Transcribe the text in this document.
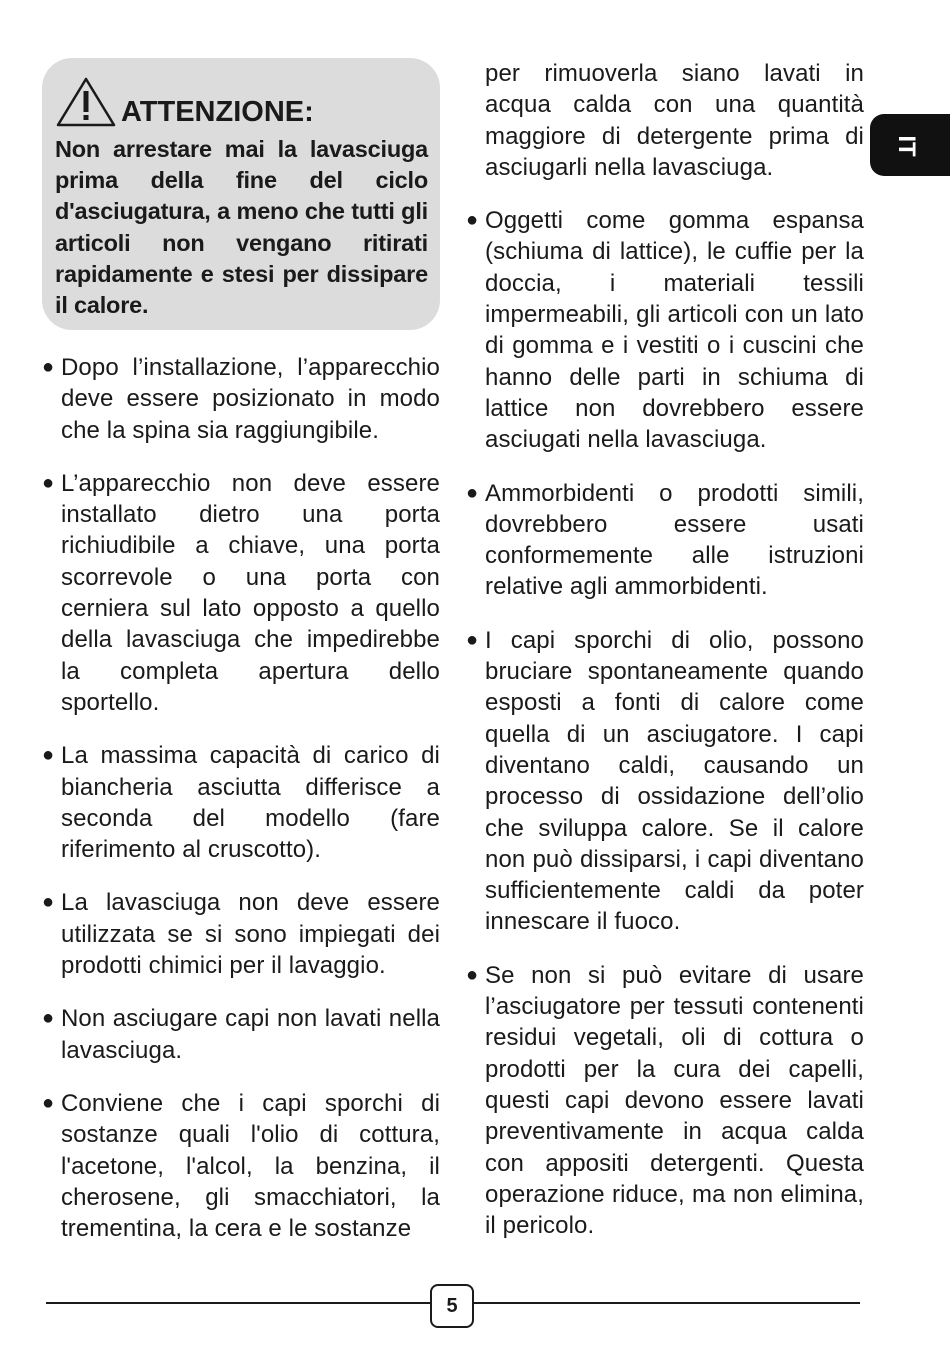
ATTENZIONE:
Non arrestare mai la lavasciuga prima della fine del ciclo d'asciugatura, a meno che tutti gli articoli non vengano ritirati rapidamente e stesi per dissipare il calore.
● Dopo l’installazione, l’apparecchio deve essere posizionato in modo che la spina sia raggiungibile.
● L’apparecchio non deve essere installato dietro una porta richiudibile a chiave, una porta scorrevole o una porta con cerniera sul lato opposto a quello della lavasciuga che impedirebbe la completa apertura dello sportello.
● La massima capacità di carico di biancheria asciutta differisce a seconda del modello (fare riferimento al cruscotto).
● La lavasciuga non deve essere utilizzata se si sono impiegati dei prodotti chimici per il lavaggio.
● Non asciugare capi non lavati nella lavasciuga.
● Conviene che i capi sporchi di sostanze quali l'olio di cottura, l'acetone, l'alcol, la benzina, il cherosene, gli smacchiatori, la trementina, la cera e le sostanze
per rimuoverla siano lavati in acqua calda con una quantità maggiore di detergente prima di asciugarli nella lavasciuga.
● Oggetti come gomma espansa (schiuma di lattice), le cuffie per la doccia, i materiali tessili impermeabili, gli articoli con un lato di gomma e i vestiti o i cuscini che hanno delle parti in schiuma di lattice non dovrebbero essere asciugati nella lavasciuga.
● Ammorbidenti o prodotti simili, dovrebbero essere usati conformemente alle istruzioni relative agli ammorbidenti.
● I capi sporchi di olio, possono bruciare spontaneamente quando esposti a fonti di calore come quella di un asciugatore. I capi diventano caldi, causando un processo di ossidazione dell’olio che sviluppa calore. Se il calore non può dissiparsi, i capi diventano sufficientemente caldi da poter innescare il fuoco.
● Se non si può evitare di usare l’asciugatore per tessuti contenenti residui vegetali, oli di cottura o prodotti per la cura dei capelli, questi capi devono essere lavati preventivamente in acqua calda con appositi detergenti. Questa operazione riduce, ma non elimina, il pericolo.
IT
5
